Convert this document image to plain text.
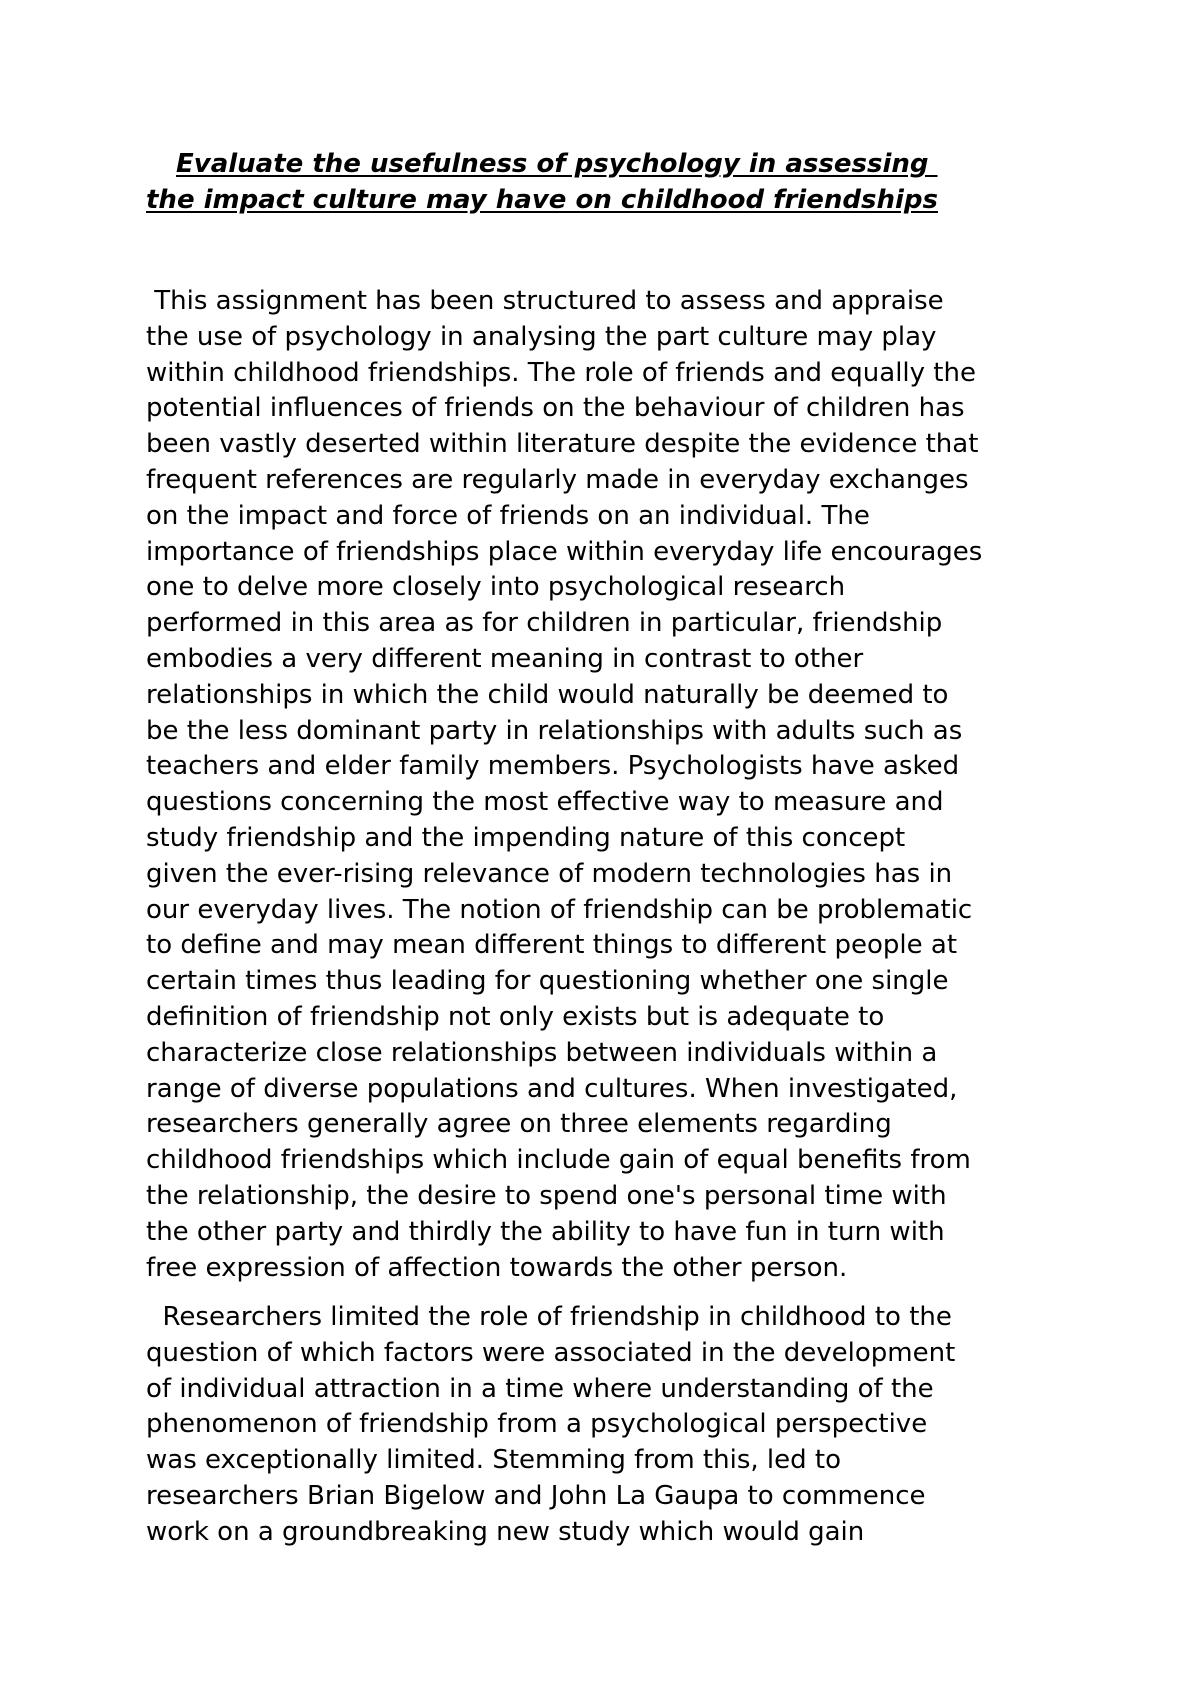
Evaluate the usefulness of psychology in assessing
the impact culture may have on childhood friendships

This assignment has been structured to assess and appraise
the use of psychology in analysing the part culture may play
within childhood friendships. The role of friends and equally the
potential influences of friends on the behaviour of children has
been vastly deserted within literature despite the evidence that
frequent references are regularly made in everyday exchanges
on the impact and force of friends on an individual. The
importance of friendships place within everyday life encourages
one to delve more closely into psychological research
performed in this area as for children in particular, friendship
embodies a very different meaning in contrast to other
relationships in which the child would naturally be deemed to
be the less dominant party in relationships with adults such as
teachers and elder family members. Psychologists have asked
questions concerning the most effective way to measure and
study friendship and the impending nature of this concept
given the ever-rising relevance of modern technologies has in
our everyday lives. The notion of friendship can be problematic
to define and may mean different things to different people at
certain times thus leading for questioning whether one single
definition of friendship not only exists but is adequate to
characterize close relationships between individuals within a
range of diverse populations and cultures. When investigated,
researchers generally agree on three elements regarding
childhood friendships which include gain of equal benefits from
the relationship, the desire to spend one's personal time with
the other party and thirdly the ability to have fun in turn with
free expression of affection towards the other person.

Researchers limited the role of friendship in childhood to the
question of which factors were associated in the development
of individual attraction in a time where understanding of the
phenomenon of friendship from a psychological perspective
was exceptionally limited. Stemming from this, led to
researchers Brian Bigelow and John La Gaupa to commence
work on a groundbreaking new study which would gain
